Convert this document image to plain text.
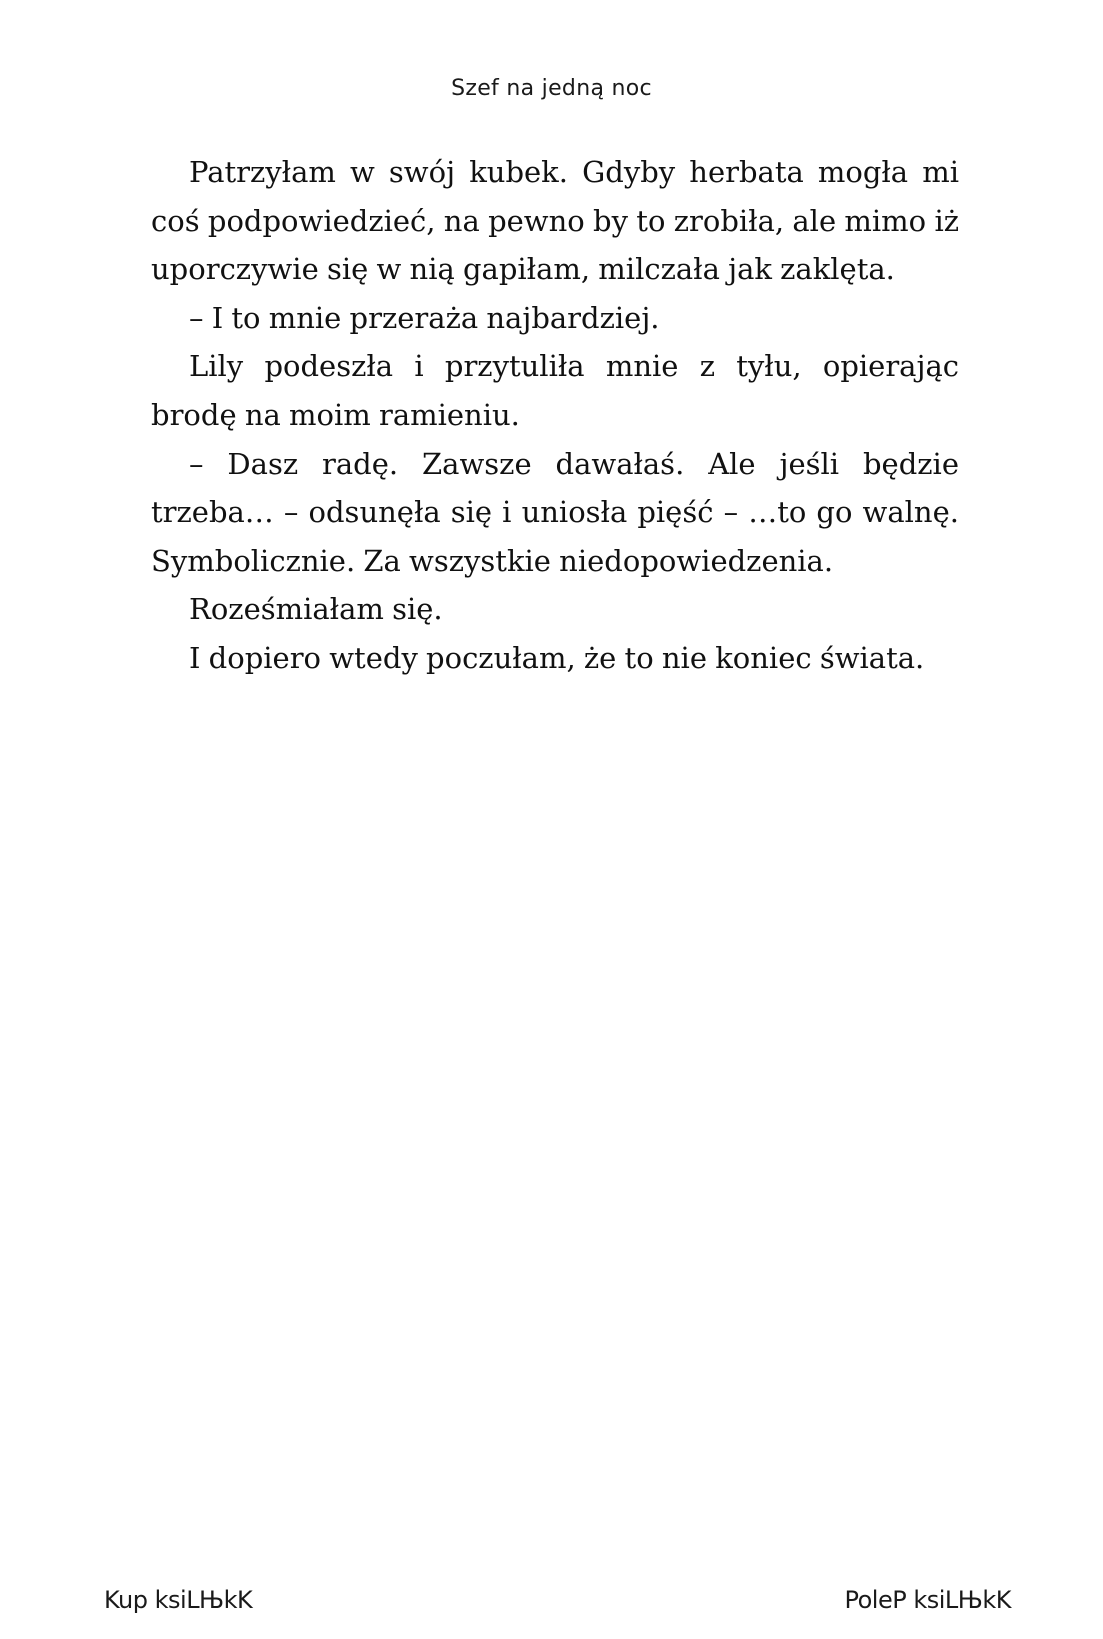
Szef na jedną noc

Patrzyłam w swój kubek. Gdyby herbata mogła mi coś podpowiedzieć, na pewno by to zrobiła, ale mimo iż uporczywie się w nią gapiłam, milczała jak zaklęta.

– I to mnie przeraża najbardziej.

Lily podeszła i przytuliła mnie z tyłu, opierając brodę na moim ramieniu.

– Dasz radę. Zawsze dawałaś. Ale jeśli będzie trzeba… – odsunęła się i uniosła pięść – …to go walnę. Symbolicznie. Za wszystkie niedopowiedzenia.

Roześmiałam się.

I dopiero wtedy poczułam, że to nie koniec świata.

Kup ksiLЊkK	PoleP ksiLЊkK
